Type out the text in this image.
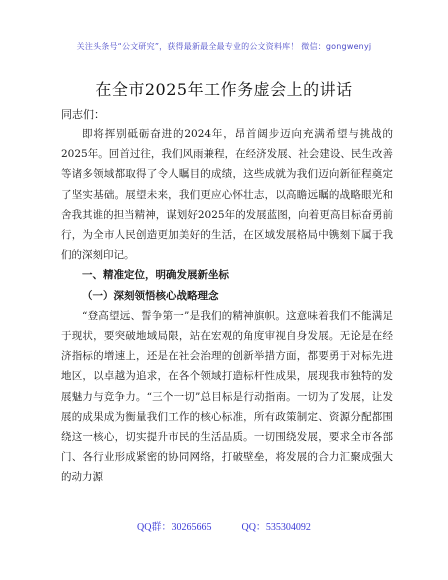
关注头条号“公文研究”，获得最新最全最专业的公文资料库！ 微信：gongwenyj
在全市2025年工作务虚会上的讲话
同志们：

即将挥别砥砺奋进的2024年，昂首阔步迈向充满希望与挑战的2025年。回首过往，我们风雨兼程，在经济发展、社会建设、民生改善等诸多领域都取得了令人瞩目的成绩，这些成就为我们迈向新征程奠定了坚实基础。展望未来，我们更应心怀壮志，以高瞻远瞩的战略眼光和舍我其谁的担当精神，谋划好2025年的发展蓝图，向着更高目标奋勇前行，为全市人民创造更加美好的生活，在区域发展格局中镌刻下属于我们的深刻印记。

一、精准定位，明确发展新坐标

（一）深刻领悟核心战略理念

“登高望远、誓争第一”是我们的精神旗帜。这意味着我们不能满足于现状，要突破地域局限，站在宏观的角度审视自身发展。无论是在经济指标的增速上，还是在社会治理的创新举措方面，都要勇于对标先进地区，以卓越为追求，在各个领域打造标杆性成果，展现我市独特的发展魅力与竞争力。“三个一切”总目标是行动指南。一切为了发展，让发展的成果成为衡量我们工作的核心标准，所有政策制定、资源分配都围绕这一核心，切实提升市民的生活品质。一切围绕发展，要求全市各部门、各行业形成紧密的协同网络，打破壁垒，将发展的合力汇聚成强大的动力源

QQ群：30265665　　　QQ：535304092
